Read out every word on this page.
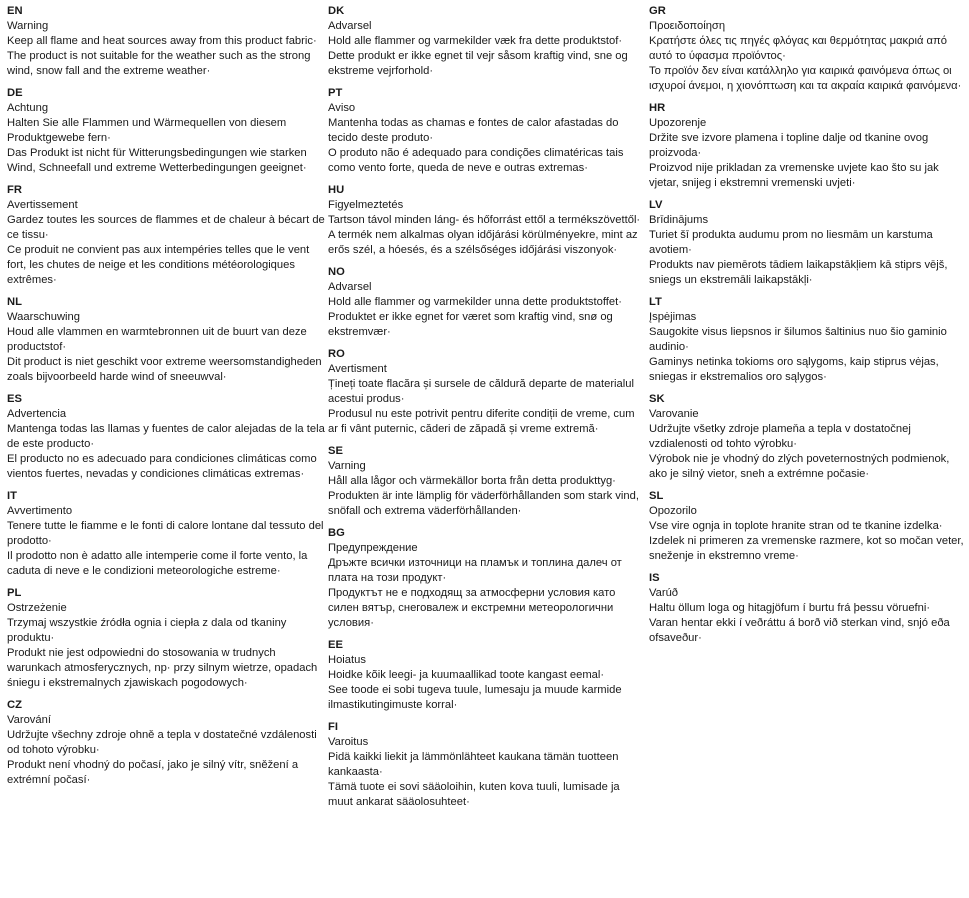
EN
Warning
Keep all flame and heat sources away from this product fabric·
The product is not suitable for the weather such as the strong wind, snow fall and the extreme weather·
DE
Achtung
Halten Sie alle Flammen und Wärmequellen von diesem Produktgewebe fern·
Das Produkt ist nicht für Witterungsbedingungen wie starken Wind, Schneefall und extreme Wetterbedingungen geeignet·
FR
Avertissement
Gardez toutes les sources de flammes et de chaleur à bécart de ce tissu·
Ce produit ne convient pas aux intempéries telles que le vent fort, les chutes de neige et les conditions météorologiques extrêmes·
NL
Waarschuwing
Houd alle vlammen en warmtebronnen uit de buurt van deze productstof·
Dit product is niet geschikt voor extreme weersomstandigheden zoals bijvoorbeeld harde wind of sneeuwval·
ES
Advertencia
Mantenga todas las llamas y fuentes de calor alejadas de la tela de este producto·
El producto no es adecuado para condiciones climáticas como vientos fuertes, nevadas y condiciones climáticas extremas·
IT
Avvertimento
Tenere tutte le fiamme e le fonti di calore lontane dal tessuto del prodotto·
Il prodotto non è adatto alle intemperie come il forte vento, la caduta di neve e le condizioni meteorologiche estreme·
PL
Ostrzeżenie
Trzymaj wszystkie źródła ognia i ciepła z dala od tkaniny produktu·
Produkt nie jest odpowiedni do stosowania w trudnych warunkach atmosferycznych, np· przy silnym wietrze, opadach śniegu i ekstremalnych zjawiskach pogodowych·
CZ
Varování
Udržujte všechny zdroje ohně a tepla v dostatečné vzdálenosti od tohoto výrobku·
Produkt není vhodný do počasí, jako je silný vítr, sněžení a extrémní počasí·
DK
Advarsel
Hold alle flammer og varmekilder væk fra dette produktstof·
Dette produkt er ikke egnet til vejr såsom kraftig vind, sne og ekstreme vejrforhold·
PT
Aviso
Mantenha todas as chamas e fontes de calor afastadas do tecido deste produto·
O produto não é adequado para condições climatéricas tais como vento forte, queda de neve e outras extremas·
HU
Figyelmeztetés
Tartson távol minden láng- és hőforrást ettől a termékszövettől·
A termék nem alkalmas olyan időjárási körülményekre, mint az erős szél, a hóesés, és a szélsőséges időjárási viszonyok·
NO
Advarsel
Hold alle flammer og varmekilder unna dette produktstoffet·
Produktet er ikke egnet for været som kraftig vind, snø og ekstremvær·
RO
Avertisment
Țineți toate flacăra și sursele de căldură departe de materialul acestui produs·
Produsul nu este potrivit pentru diferite condiții de vreme, cum ar fi vânt puternic, căderi de zăpadă și vreme extremă·
SE
Varning
Håll alla lågor och värmekällor borta från detta produkttyg·
Produkten är inte lämplig för väderförhållanden som stark vind, snöfall och extrema väderförhållanden·
BG
Предупреждение
Дръжте всички източници на пламък и топлина далеч от плата на този продукт·
Продуктът не е подходящ за атмосферни условия като силен вятър, снеговалеж и екстремни метеорологични условия·
EE
Hoiatus
Hoidke kõik leegi- ja kuumaallikad toote kangast eemal·
See toode ei sobi tugeva tuule, lumesaju ja muude karmide ilmastikutingimuste korral·
FI
Varoitus
Pidä kaikki liekit ja lämmönlähteet kaukana tämän tuotteen kankaasta·
Tämä tuote ei sovi sääoloihin, kuten kova tuuli, lumisade ja muut ankarat sääolosuhteet·
GR
Προειδοποίηση
Κρατήστε όλες τις πηγές φλόγας και θερμότητας μακριά από αυτό το ύφασμα προϊόντος·
Το προϊόν δεν είναι κατάλληλο για καιρικά φαινόμενα όπως οι ισχυροί άνεμοι, η χιονόπτωση και τα ακραία καιρικά φαινόμενα·
HR
Upozorenje
Držite sve izvore plamena i topline dalje od tkanine ovog proizvoda·
Proizvod nije prikladan za vremenske uvjete kao što su jak vjetar, snijeg i ekstremni vremenski uvjeti·
LV
Brīdinājums
Turiet šī produkta audumu prom no liesmām un karstuma avotiem·
Produkts nav piemērots tādiem laikapstākļiem kā stiprs vējš, sniegs un ekstremāli laikapstākļi·
LT
Įspėjimas
Saugokite visus liepsnos ir šilumos šaltinius nuo šio gaminio audinio·
Gaminys netinka tokioms oro sąlygoms, kaip stiprus vėjas, sniegas ir ekstremalios oro sąlygos·
SK
Varovanie
Udržujte všetky zdroje plameňa a tepla v dostatočnej vzdialenosti od tohto výrobku·
Výrobok nie je vhodný do zlých poveternostných podmienok, ako je silný vietor, sneh a extrémne počasie·
SL
Opozorilo
Vse vire ognja in toplote hranite stran od te tkanine izdelka·
Izdelek ni primeren za vremenske razmere, kot so močan veter, sneženje in ekstremno vreme·
IS
Varúð
Haltu öllum loga og hitagjöfum í burtu frá þessu vöruefni·
Varan hentar ekki í veðráttu á borð við sterkan vind, snjó eða ofsaveður·
